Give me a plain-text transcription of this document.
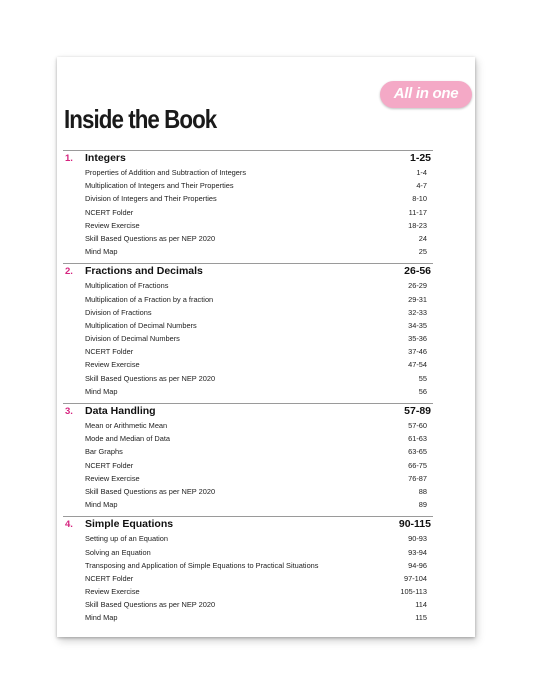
All in one
Inside the Book
1. Integers	1-25
Properties of Addition and Subtraction of Integers	1-4
Multiplication of Integers and Their Properties	4-7
Division of Integers and Their Properties	8-10
NCERT Folder	11-17
Review Exercise	18-23
Skill Based Questions as per NEP 2020	24
Mind Map	25
2. Fractions and Decimals	26-56
Multiplication of Fractions	26-29
Multiplication of a Fraction by a fraction	29-31
Division of Fractions	32-33
Multiplication of Decimal Numbers	34-35
Division of Decimal Numbers	35-36
NCERT Folder	37-46
Review Exercise	47-54
Skill Based Questions as per NEP 2020	55
Mind Map	56
3. Data Handling	57-89
Mean or Arithmetic Mean	57-60
Mode and Median of Data	61-63
Bar Graphs	63-65
NCERT Folder	66-75
Review Exercise	76-87
Skill Based Questions as per NEP 2020	88
Mind Map	89
4. Simple Equations	90-115
Setting up of an Equation	90-93
Solving an Equation	93-94
Transposing and Application of Simple Equations to Practical Situations	94-96
NCERT Folder	97-104
Review Exercise	105-113
Skill Based Questions as per NEP 2020	114
Mind Map	115
